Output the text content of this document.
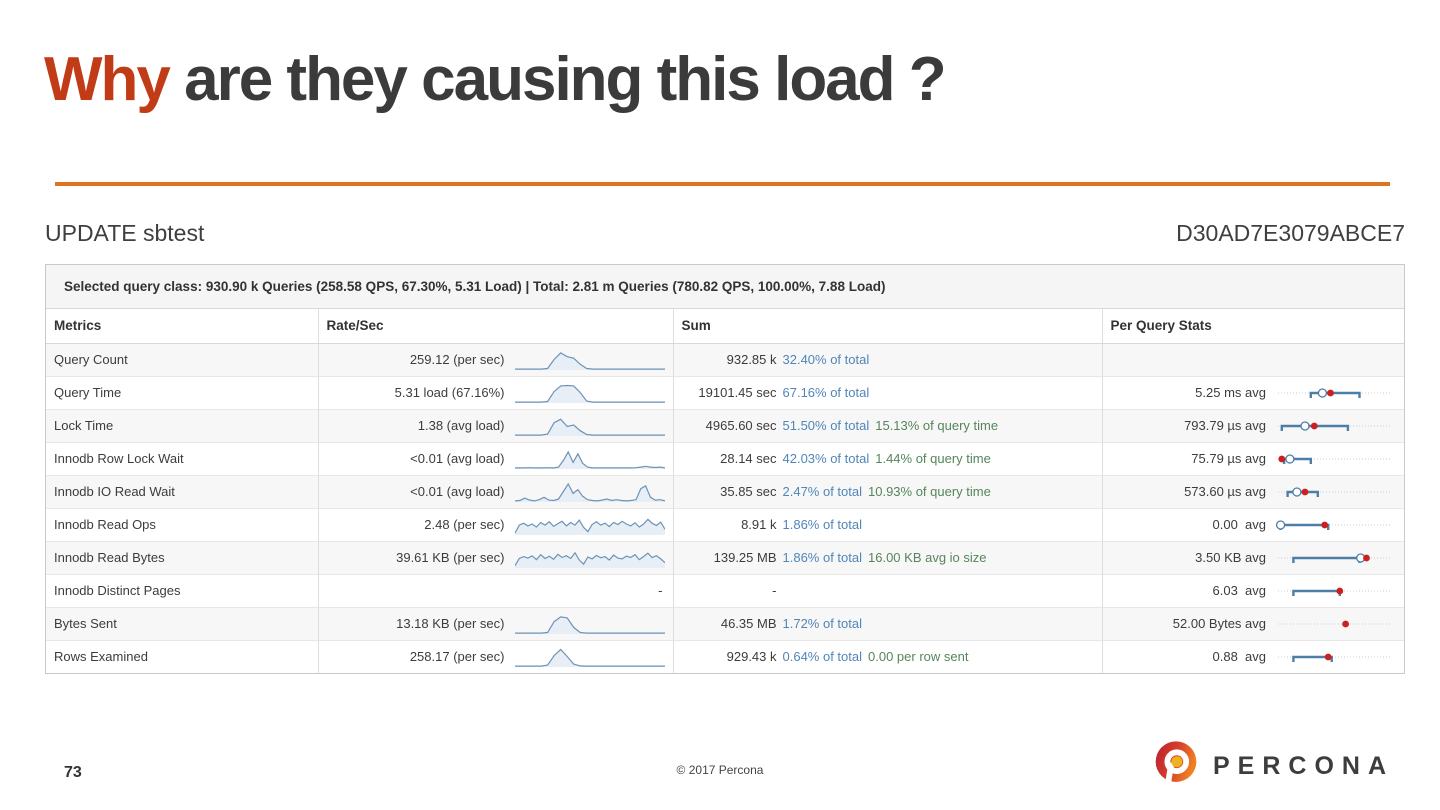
Why are they causing this load ?
UPDATE sbtest	D30AD7E3079ABCE7
Selected query class: 930.90 k Queries (258.58 QPS, 67.30%, 5.31 Load) | Total: 2.81 m Queries (780.82 QPS, 100.00%, 7.88 Load)
Metrics	Rate/Sec	Sum	Per Query Stats
Query Count	259.12 (per sec)	932.85 k 32.40% of total	

Query Time	5.31 load (67.16%)	19101.45 sec 67.16% of total	5.25 ms avg

Lock Time	1.38 (avg load)	4965.60 sec 51.50% of total 15.13% of query time	793.79 µs avg

Innodb Row Lock Wait	<0.01 (avg load)	28.14 sec 42.03% of total 1.44% of query time	75.79 µs avg

Innodb IO Read Wait	<0.01 (avg load)	35.85 sec 2.47% of total 10.93% of query time	573.60 µs avg

Innodb Read Ops	2.48 (per sec)	8.91 k 1.86% of total	0.00  avg

Innodb Read Bytes	39.61 KB (per sec)	139.25 MB 1.86% of total 16.00 KB avg io size	3.50 KB avg

Innodb Distinct Pages	-	-	6.03  avg

Bytes Sent	13.18 KB (per sec)	46.35 MB 1.72% of total	52.00 Bytes avg

Rows Examined	258.17 (per sec)	929.43 k 0.64% of total 0.00 per row sent	0.88  avg
73	© 2017 Percona	PERCONA
